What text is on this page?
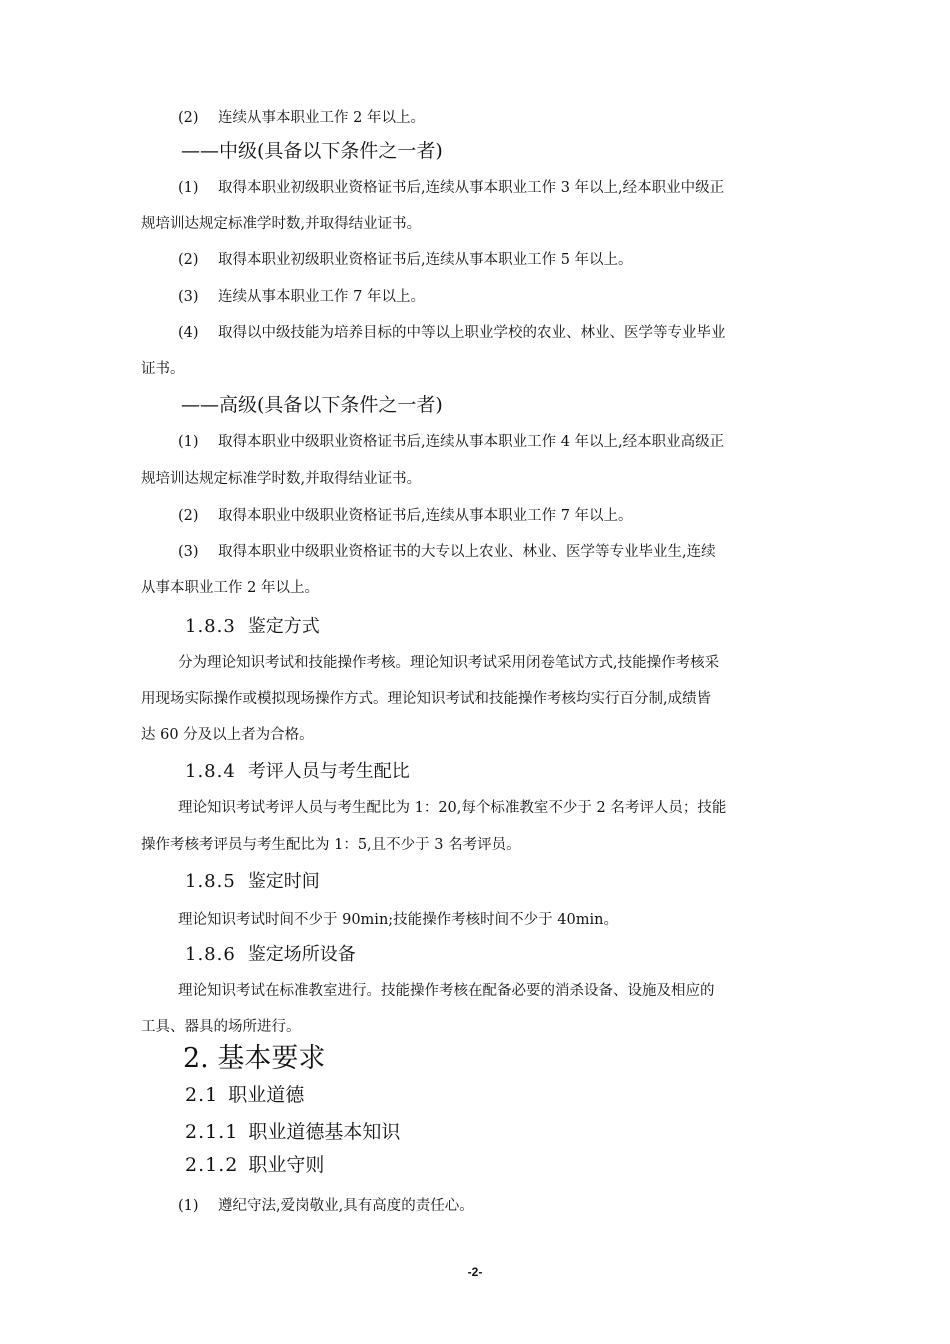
(2) 连续从事本职业工作 2 年以上。
——中级(具备以下条件之一者)
(1) 取得本职业初级职业资格证书后,连续从事本职业工作 3 年以上,经本职业中级正
规培训达规定标准学时数,并取得结业证书。
(2) 取得本职业初级职业资格证书后,连续从事本职业工作 5 年以上。
(3) 连续从事本职业工作 7 年以上。
(4) 取得以中级技能为培养目标的中等以上职业学校的农业、林业、医学等专业毕业
证书。
——高级(具备以下条件之一者)
(1) 取得本职业中级职业资格证书后,连续从事本职业工作 4 年以上,经本职业高级正
规培训达规定标准学时数,并取得结业证书。
(2) 取得本职业中级职业资格证书后,连续从事本职业工作 7 年以上。
(3) 取得本职业中级职业资格证书的大专以上农业、林业、医学等专业毕业生,连续
从事本职业工作 2 年以上。
1.8.3 鉴定方式
分为理论知识考试和技能操作考核。理论知识考试采用闭卷笔试方式,技能操作考核采
用现场实际操作或模拟现场操作方式。理论知识考试和技能操作考核均实行百分制,成绩皆
达 60 分及以上者为合格。
1.8.4 考评人员与考生配比
理论知识考试考评人员与考生配比为 1：20,每个标准教室不少于 2 名考评人员；技能
操作考核考评员与考生配比为 1：5,且不少于 3 名考评员。
1.8.5 鉴定时间
理论知识考试时间不少于 90min;技能操作考核时间不少于 40min。
1.8.6 鉴定场所设备
理论知识考试在标准教室进行。技能操作考核在配备必要的消杀设备、设施及相应的
工具、器具的场所进行。
2. 基本要求
2.1 职业道德
2.1.1 职业道德基本知识
2.1.2 职业守则
(1) 遵纪守法,爱岗敬业,具有高度的责任心。
-2-
